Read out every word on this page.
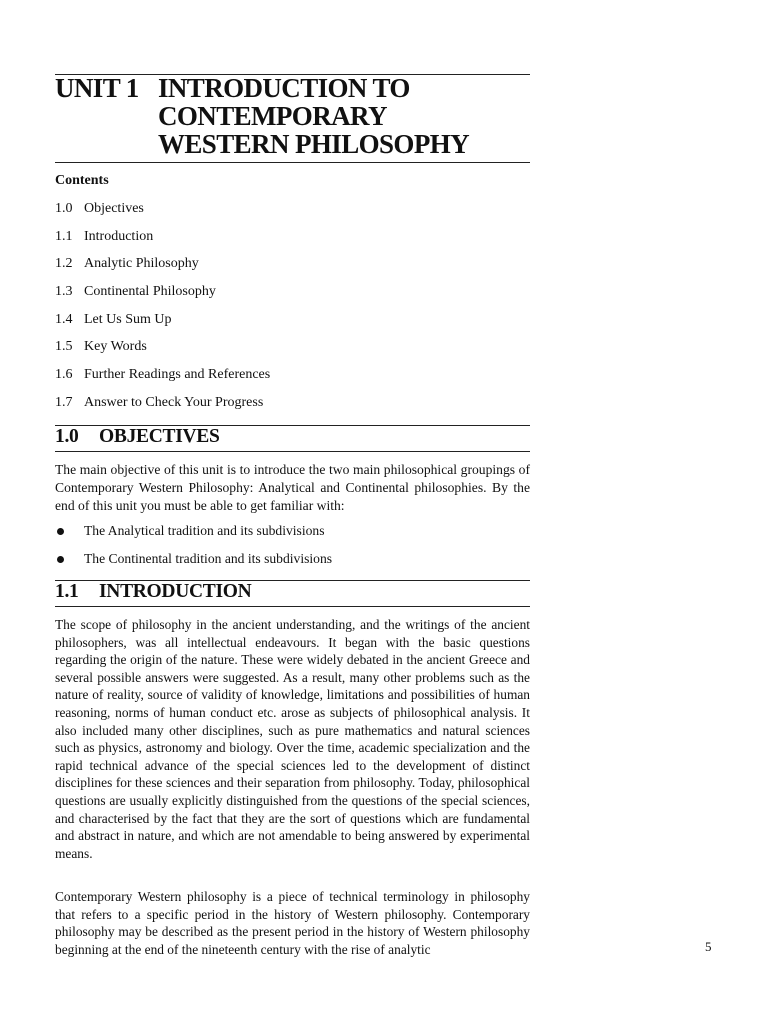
UNIT 1 INTRODUCTION TO
CONTEMPORARY
WESTERN PHILOSOPHY
Contents
1.0 Objectives
1.1 Introduction
1.2 Analytic Philosophy
1.3 Continental Philosophy
1.4 Let Us Sum Up
1.5 Key Words
1.6 Further Readings and References
1.7 Answer to Check Your Progress
1.0 OBJECTIVES

The main objective of this unit is to introduce the two main philosophical groupings of Contemporary Western Philosophy: Analytical and Continental philosophies. By the end of this unit you must be able to get familiar with:

The Analytical tradition and its subdivisions
The Continental tradition and its subdivisions
1.1 INTRODUCTION

The scope of philosophy in the ancient understanding, and the writings of the ancient philosophers, was all intellectual endeavours. It began with the basic questions regarding the origin of the nature. These were widely debated in the ancient Greece and several possible answers were suggested. As a result, many other problems such as the nature of reality, source of validity of knowledge, limitations and possibilities of human reasoning, norms of human conduct etc. arose as subjects of philosophical analysis. It also included many other disciplines, such as pure mathematics and natural sciences such as physics, astronomy and biology. Over the time, academic specialization and the rapid technical advance of the special sciences led to the development of distinct disciplines for these sciences and their separation from philosophy. Today, philosophical questions are usually explicitly distinguished from the questions of the special sciences, and characterised by the fact that they are the sort of questions which are fundamental and abstract in nature, and which are not amendable to being answered by experimental means.

Contemporary Western philosophy is a piece of technical terminology in philosophy that refers to a specific period in the history of Western philosophy. Contemporary philosophy may be described as the present period in the history of Western philosophy beginning at the end of the nineteenth century with the rise of analytic	5
